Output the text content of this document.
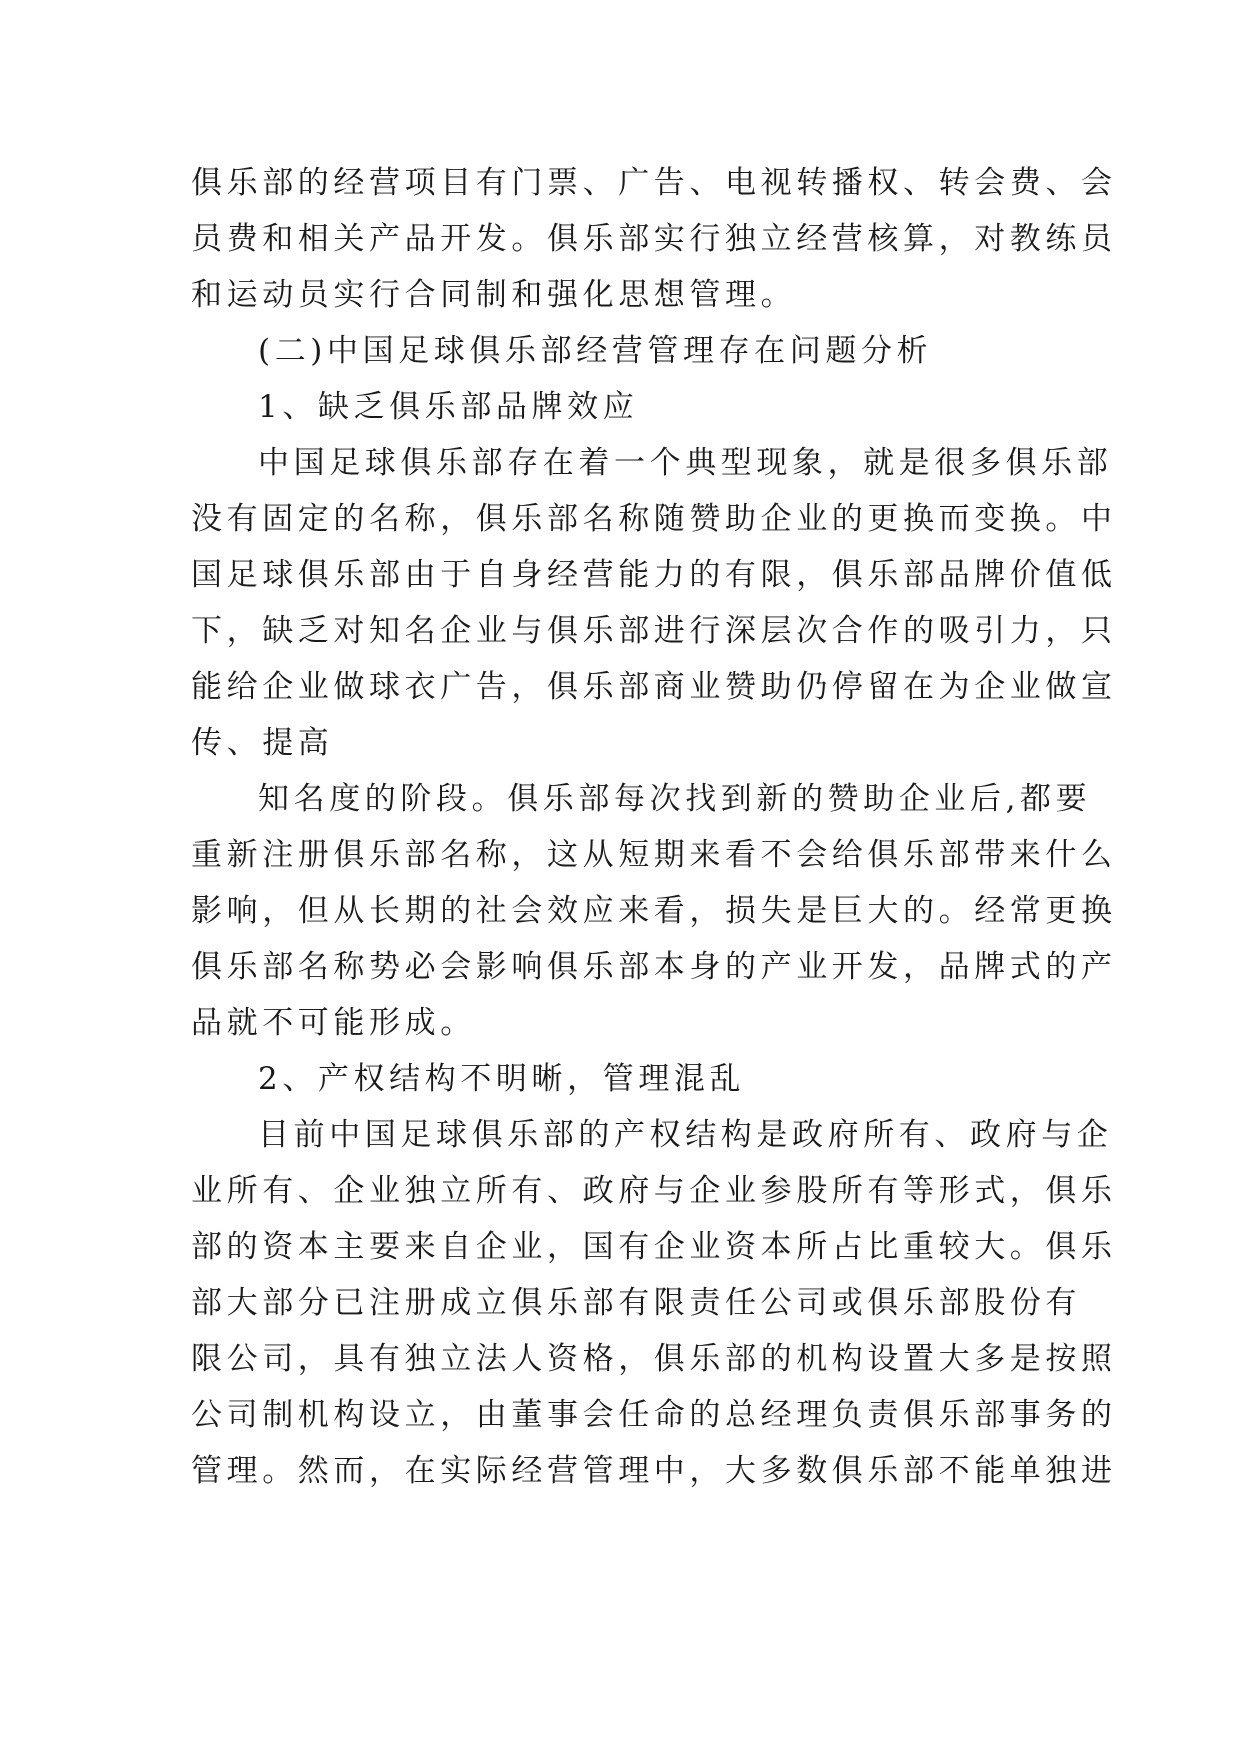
俱乐部的经营项目有门票、广告、电视转播权、转会费、会
员费和相关产品开发。俱乐部实行独立经营核算，对教练员
和运动员实行合同制和强化思想管理。
(二)中国足球俱乐部经营管理存在问题分析
1、缺乏俱乐部品牌效应
中国足球俱乐部存在着一个典型现象，就是很多俱乐部
没有固定的名称，俱乐部名称随赞助企业的更换而变换。中
国足球俱乐部由于自身经营能力的有限，俱乐部品牌价值低
下，缺乏对知名企业与俱乐部进行深层次合作的吸引力，只
能给企业做球衣广告，俱乐部商业赞助仍停留在为企业做宣
传、提高
知名度的阶段。俱乐部每次找到新的赞助企业后,都要
重新注册俱乐部名称，这从短期来看不会给俱乐部带来什么
影响，但从长期的社会效应来看，损失是巨大的。经常更换
俱乐部名称势必会影响俱乐部本身的产业开发，品牌式的产
品就不可能形成。
2、产权结构不明晰，管理混乱
目前中国足球俱乐部的产权结构是政府所有、政府与企
业所有、企业独立所有、政府与企业参股所有等形式，俱乐
部的资本主要来自企业，国有企业资本所占比重较大。俱乐
部大部分已注册成立俱乐部有限责任公司或俱乐部股份有
限公司，具有独立法人资格，俱乐部的机构设置大多是按照
公司制机构设立，由董事会任命的总经理负责俱乐部事务的
管理。然而，在实际经营管理中，大多数俱乐部不能单独进
